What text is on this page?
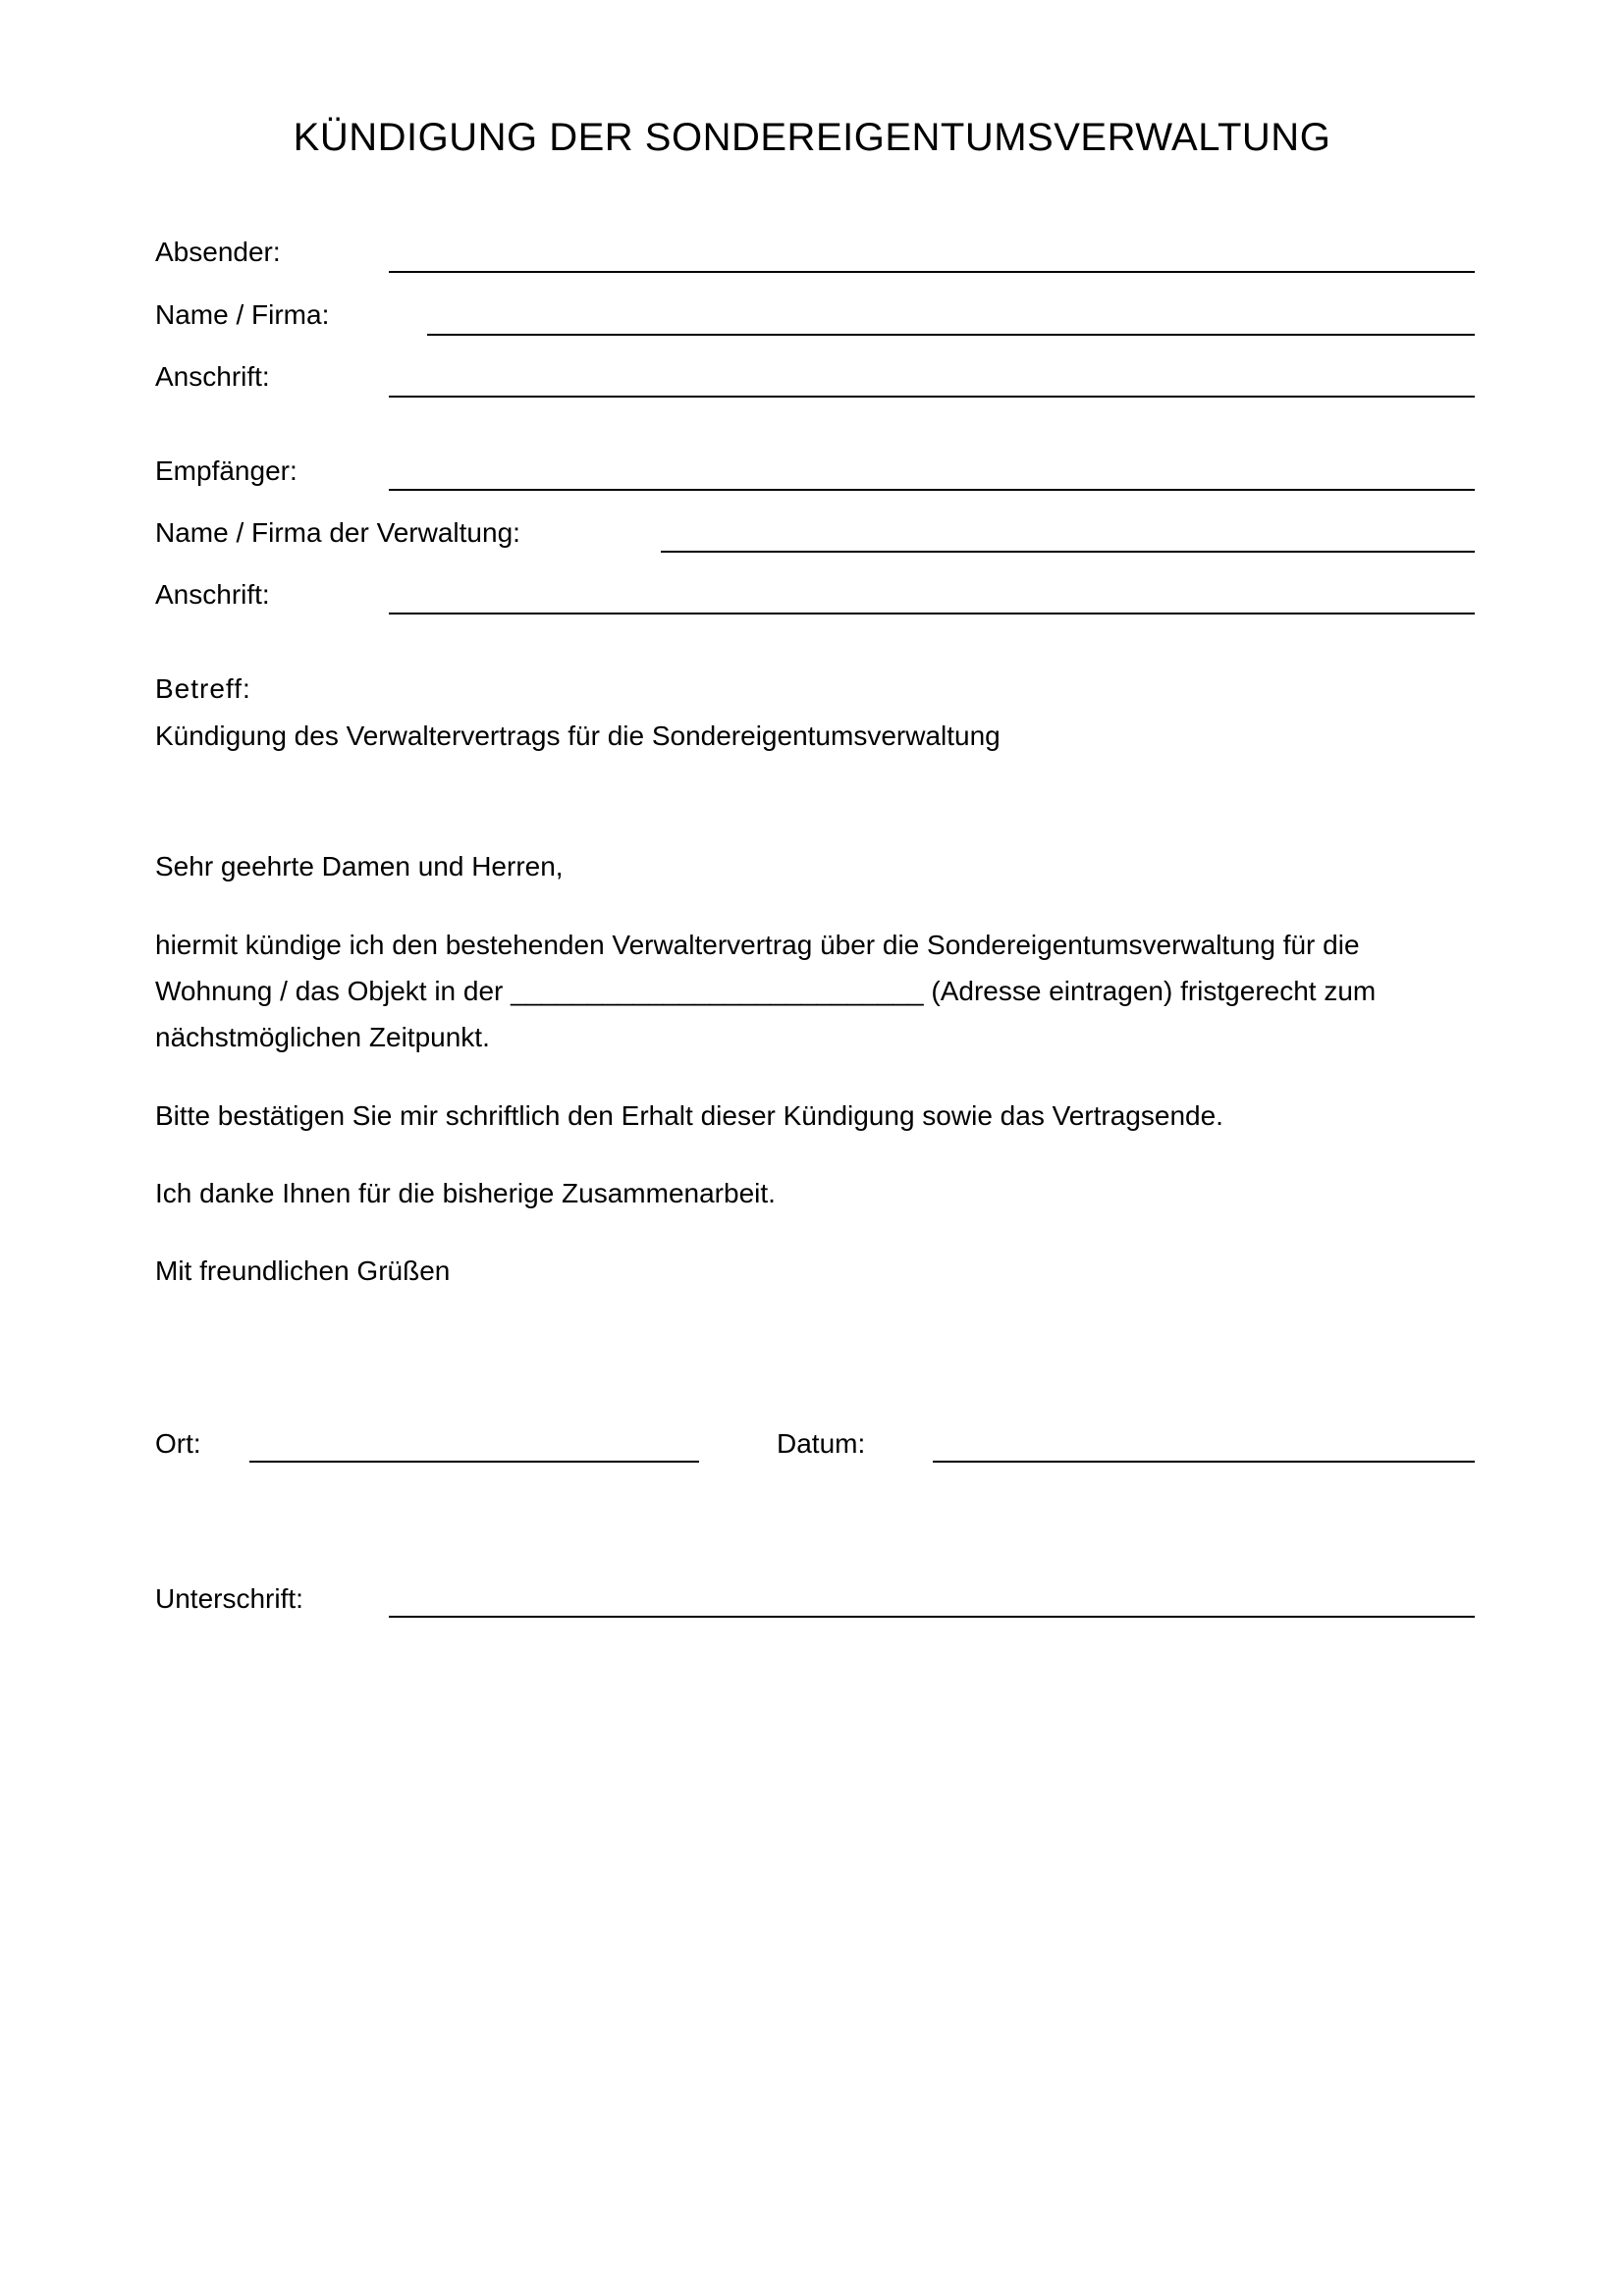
KÜNDIGUNG DER SONDEREIGENTUMSVERWALTUNG
Absender:
Name / Firma:
Anschrift:
Empfänger:
Name / Firma der Verwaltung:
Anschrift:
Betreff:
Kündigung des Verwaltervertrags für die Sondereigentumsverwaltung
Sehr geehrte Damen und Herren,
hiermit kündige ich den bestehenden Verwaltervertrag über die Sondereigentumsverwaltung für die
Wohnung / das Objekt in der ___________________________ (Adresse eintragen) fristgerecht zum
nächstmöglichen Zeitpunkt.
Bitte bestätigen Sie mir schriftlich den Erhalt dieser Kündigung sowie das Vertragsende.
Ich danke Ihnen für die bisherige Zusammenarbeit.
Mit freundlichen Grüßen
Ort:	Datum:
Unterschrift:
